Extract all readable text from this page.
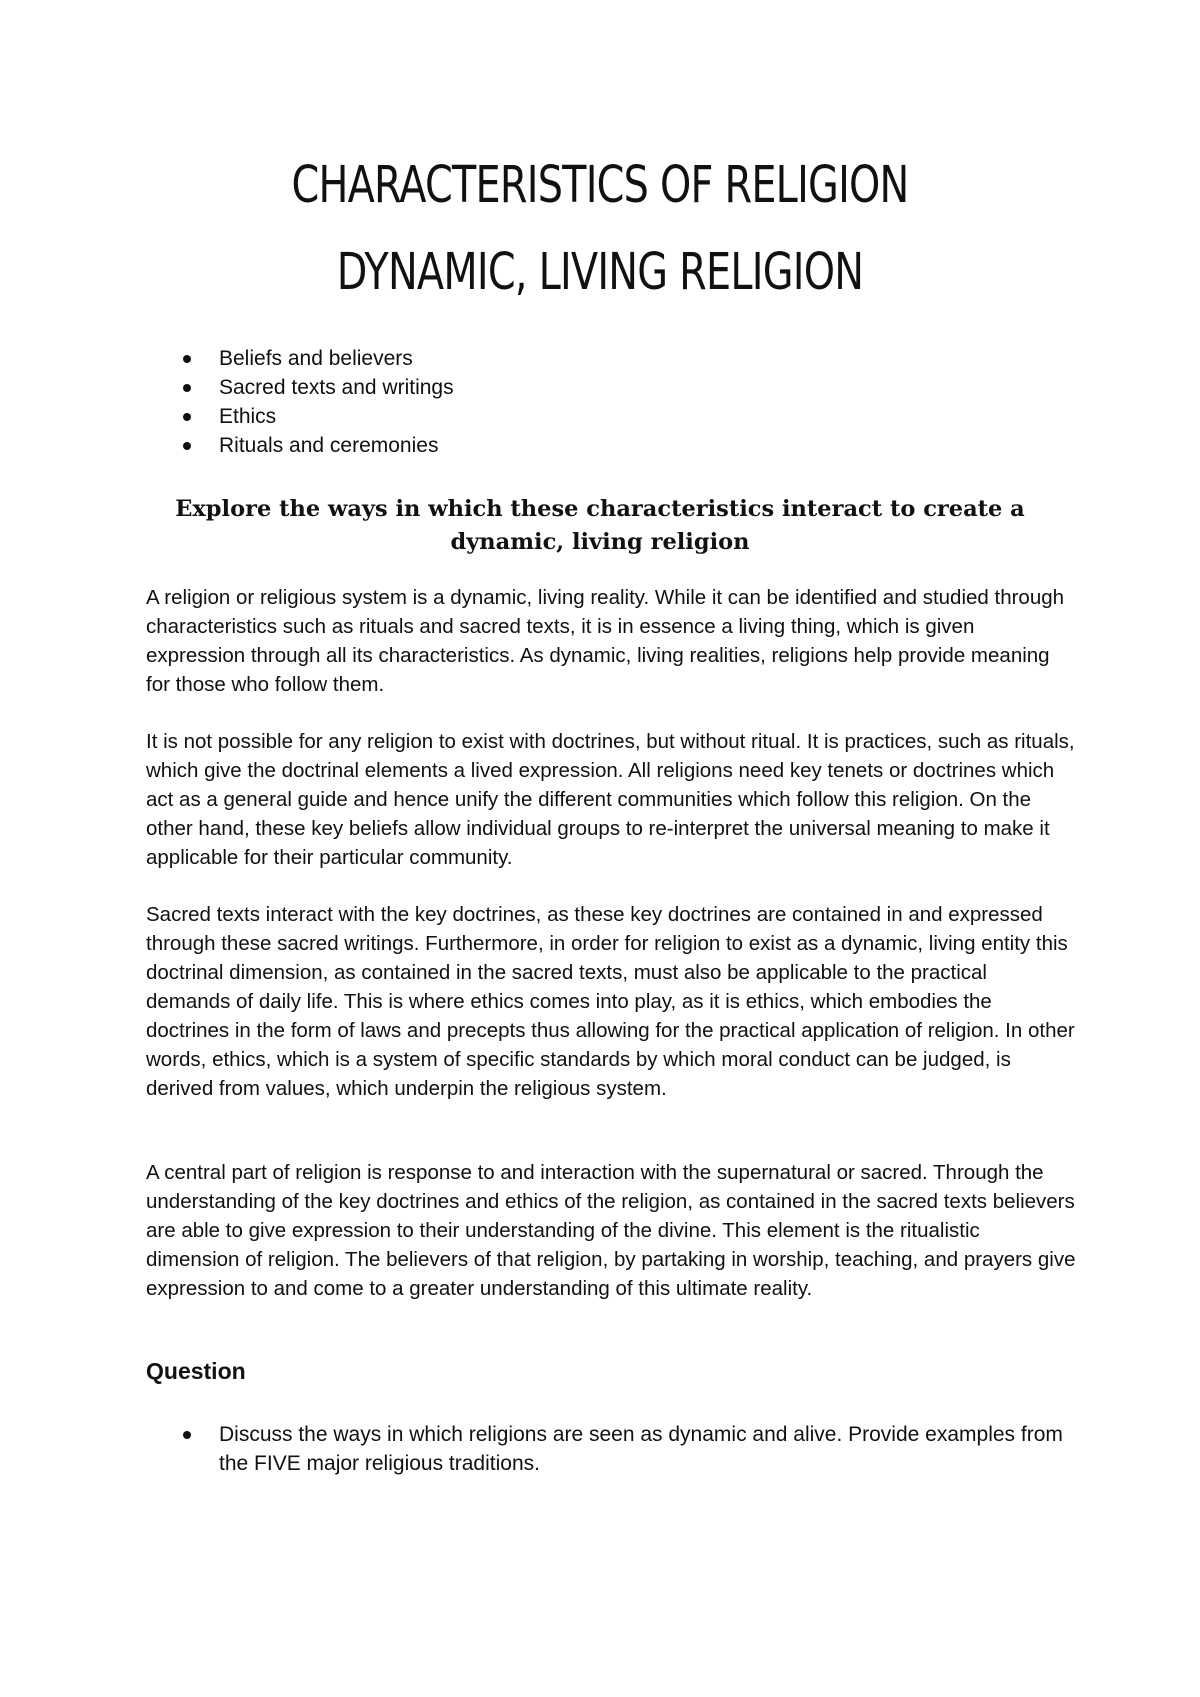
CHARACTERISTICS OF RELIGION
DYNAMIC, LIVING RELIGION
Beliefs and believers
Sacred texts and writings
Ethics
Rituals and ceremonies
Explore the ways in which these characteristics interact to create a dynamic, living religion

A religion or religious system is a dynamic, living reality. While it can be identified and studied through characteristics such as rituals and sacred texts, it is in essence a living thing, which is given expression through all its characteristics. As dynamic, living realities, religions help provide meaning for those who follow them.

It is not possible for any religion to exist with doctrines, but without ritual. It is practices, such as rituals, which give the doctrinal elements a lived expression. All religions need key tenets or doctrines which act as a general guide and hence unify the different communities which follow this religion. On the other hand, these key beliefs allow individual groups to re-interpret the universal meaning to make it applicable for their particular community.

Sacred texts interact with the key doctrines, as these key doctrines are contained in and expressed through these sacred writings. Furthermore, in order for religion to exist as a dynamic, living entity this doctrinal dimension, as contained in the sacred texts, must also be applicable to the practical demands of daily life. This is where ethics comes into play, as it is ethics, which embodies the doctrines in the form of laws and precepts thus allowing for the practical application of religion. In other words, ethics, which is a system of specific standards by which moral conduct can be judged, is derived from values, which underpin the religious system.

A central part of religion is response to and interaction with the supernatural or sacred. Through the understanding of the key doctrines and ethics of the religion, as contained in the sacred texts believers are able to give expression to their understanding of the divine. This element is the ritualistic dimension of religion. The believers of that religion, by partaking in worship, teaching, and prayers give expression to and come to a greater understanding of this ultimate reality.

Question
Discuss the ways in which religions are seen as dynamic and alive. Provide examples from the FIVE major religious traditions.
